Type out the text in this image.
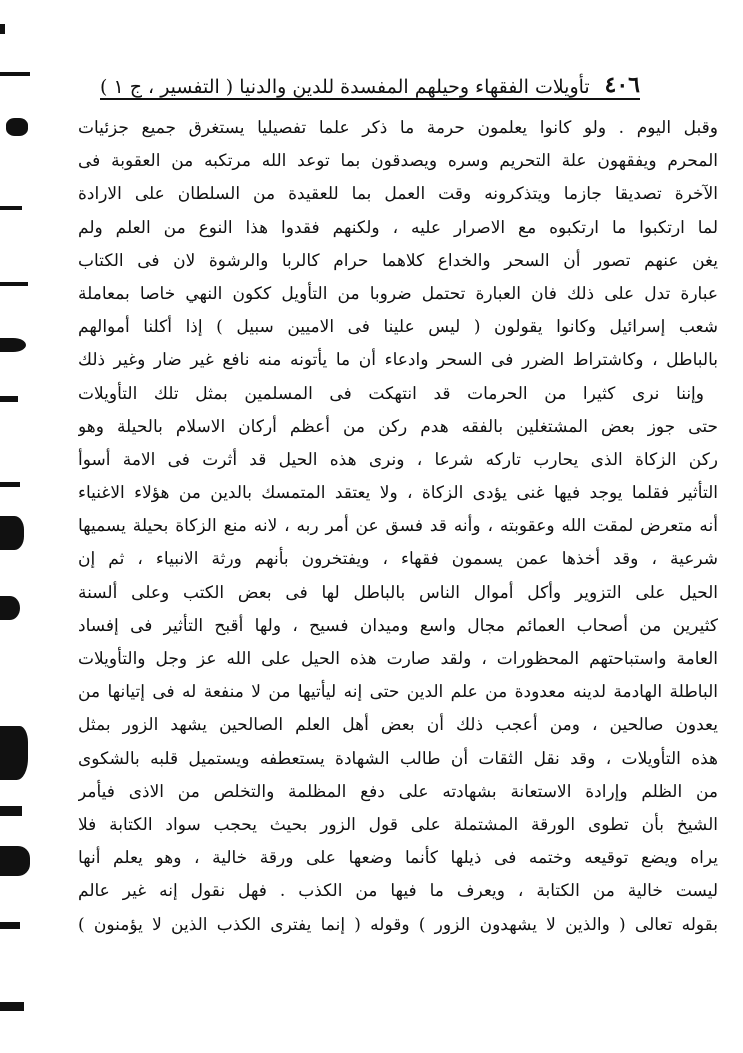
٤٠٦
تأويلات الفقهاء وحيلهم المفسدة للدين والدنيا ( التفسير ، ج ١ )
وقبل اليوم . ولو كانوا يعلمون حرمة ما ذكر علما تفصيليا يستغرق جميع جزئيات
المحرم ويفقهون علة التحريم وسره ويصدقون بما توعد الله مرتكبه من العقوبة فى
الآخرة تصديقا جازما ويتذكرونه وقت العمل بما للعقيدة من السلطان على الارادة
لما ارتكبوا ما ارتكبوه مع الاصرار عليه ، ولكنهم فقدوا هذا النوع من العلم ولم
يغن عنهم تصور أن السحر والخداع كلاهما حرام كالربا والرشوة لان فى الكتاب
عبارة تدل على ذلك فان العبارة تحتمل ضروبا من التأويل ككون النهي خاصا بمعاملة
شعب إسرائيل وكانوا يقولون ( ليس علينا فى الاميين سبيل ) إذا أكلنا أموالهم
بالباطل ، وكاشتراط الضرر فى السحر وادعاء أن ما يأتونه منه نافع غير ضار وغير ذلك
وإننا نرى كثيرا من الحرمات قد انتهكت فى المسلمين بمثل تلك التأويلات
حتى جوز بعض المشتغلين بالفقه هدم ركن من أعظم أركان الاسلام بالحيلة وهو
ركن الزكاة الذى يحارب تاركه شرعا ، ونرى هذه الحيل قد أثرت فى الامة أسوأ
التأثير فقلما يوجد فيها غنى يؤدى الزكاة ، ولا يعتقد المتمسك بالدين من هؤلاء الاغنياء
أنه متعرض لمقت الله وعقوبته ، وأنه قد فسق عن أمر ربه ، لانه منع الزكاة بحيلة يسميها
شرعية ، وقد أخذها عمن يسمون فقهاء ، ويفتخرون بأنهم ورثة الانبياء ، ثم إن
الحيل على التزوير وأكل أموال الناس بالباطل لها فى بعض الكتب وعلى ألسنة
كثيرين من أصحاب العمائم مجال واسع وميدان فسيح ، ولها أقبح التأثير فى إفساد
العامة واستباحتهم المحظورات ، ولقد صارت هذه الحيل على الله عز وجل والتأويلات
الباطلة الهادمة لدينه معدودة من علم الدين حتى إنه ليأتيها من لا منفعة له فى إتيانها من
يعدون صالحين ، ومن أعجب ذلك أن بعض أهل العلم الصالحين يشهد الزور بمثل
هذه التأويلات ، وقد نقل الثقات أن طالب الشهادة يستعطفه ويستميل قلبه بالشكوى
من الظلم وإرادة الاستعانة بشهادته على دفع المظلمة والتخلص من الاذى فيأمر
الشيخ بأن تطوى الورقة المشتملة على قول الزور بحيث يحجب سواد الكتابة فلا
يراه ويضع توقيعه وختمه فى ذيلها كأنما وضعها على ورقة خالية ، وهو يعلم أنها
ليست خالية من الكتابة ، ويعرف ما فيها من الكذب . فهل نقول إنه غير عالم
بقوله تعالى ( والذين لا يشهدون الزور ) وقوله ( إنما يفترى الكذب الذين لا يؤمنون )
